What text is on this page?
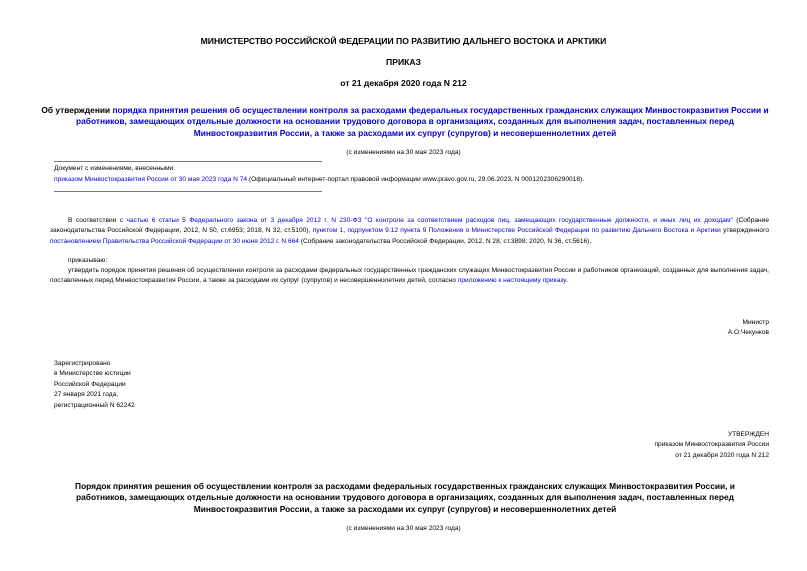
МИНИСТЕРСТВО РОССИЙСКОЙ ФЕДЕРАЦИИ ПО РАЗВИТИЮ ДАЛЬНЕГО ВОСТОКА И АРКТИКИ
ПРИКАЗ
от 21 декабря 2020 года N 212
Об утверждении порядка принятия решения об осуществлении контроля за расходами федеральных государственных гражданских служащих Минвостокразвития России и работников, замещающих отдельные должности на основании трудового договора в организациях, созданных для выполнения задач, поставленных перед Минвостокразвития России, а также за расходами их супруг (супругов) и несовершеннолетних детей
(с изменениями на 30 мая 2023 года)
Документ с изменениями, внесенными:
приказом Минвостокразвития России от 30 мая 2023 года N 74 (Официальный интернет-портал правовой информации www.pravo.gov.ru, 29.06.2023, N 0001202306290018).
В соответствии с частью 6 статьи 5 Федерального закона от 3 декабря 2012 г. N 230-ФЗ "О контроле за соответствием расходов лиц, замещающих государственные должности, и иных лиц их доходам" (Собрание законодательства Российской Федерации, 2012, N 50, ст.6953; 2018, N 32, ст.5100), пунктом 1, подпунктом 9.12 пункта 9 Положения о Министерстве Российской Федерации по развитию Дальнего Востока и Арктики утвержденного постановлением Правительства Российской Федерации от 30 июня 2012 г. N 664 (Собрание законодательства Российской Федерации, 2012, N 28, ст.3898; 2020, N 36, ст.5616),
приказываю:
утвердить порядок принятия решения об осуществлении контроля за расходами федеральных государственных гражданских служащих Минвостокразвития России и работников организаций, созданных для выполнения задач, поставленных перед Минвостокразвития России, а также за расходами их супруг (супругов) и несовершеннолетних детей, согласно приложению к настоящему приказу.
Министр
А.О.Чекунков
Зарегистрировано
в Министерстве юстиции
Российской Федерации
27 января 2021 года,
регистрационный N 62242
УТВЕРЖДЕН
приказом Минвостокразвития России
от 21 декабря 2020 года N 212
Порядок принятия решения об осуществлении контроля за расходами федеральных государственных гражданских служащих Минвостокразвития России, и работников, замещающих отдельные должности на основании трудового договора в организациях, созданных для выполнения задач, поставленных перед Минвостокразвития России, а также за расходами их супруг (супругов) и несовершеннолетних детей
(с изменениями на 30 мая 2023 года)
